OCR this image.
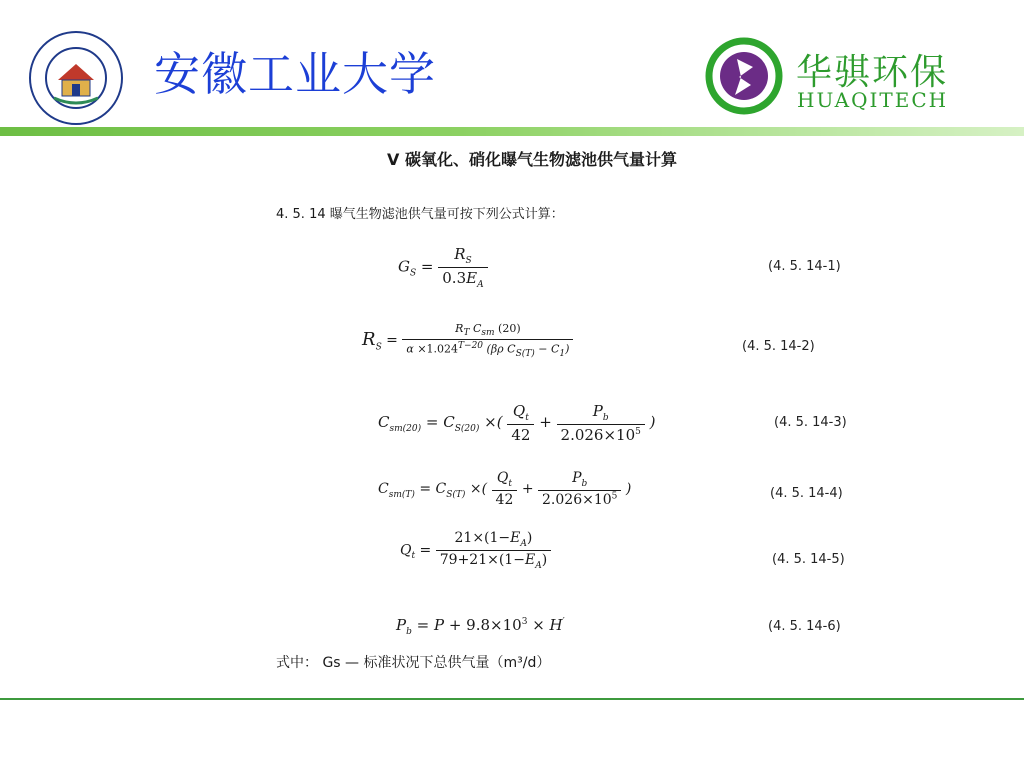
安徽工业大学	华骐环保
HUAQITECH
V 碳氧化、硝化曝气生物滤池供气量计算
4. 5. 14 曝气生物滤池供气量可按下列公式计算：
$G_S = \frac{R_S}{0.3E_A}$	(4. 5. 14-1)
$R_S = \frac{R_T C_{sm} (20)}{\alpha \times 1.024^{T-20} (\beta\rho C_{S(T)} - C_1)}$	(4. 5. 14-2)
$C_{sm(20)} = C_{S(20)}$ ×( $\frac{Q_t}{42} + \frac{P_b}{2.026\times 10^5}$ )	(4. 5. 14-3)
$C_{sm(T)} = C_{S(T)}$ ×( $\frac{Q_t}{42} + \frac{P_b}{2.026\times 10^5}$ )	(4. 5. 14-4)
$Q_t = \frac{21\times(1-E_A)}{79+21\times(1-E_A)}$	(4. 5. 14-5)
$P_b = P + 9.8\times 10^3 \times H'$	(4. 5. 14-6)
式中： Gs — 标准状况下总供气量（m³/d）
